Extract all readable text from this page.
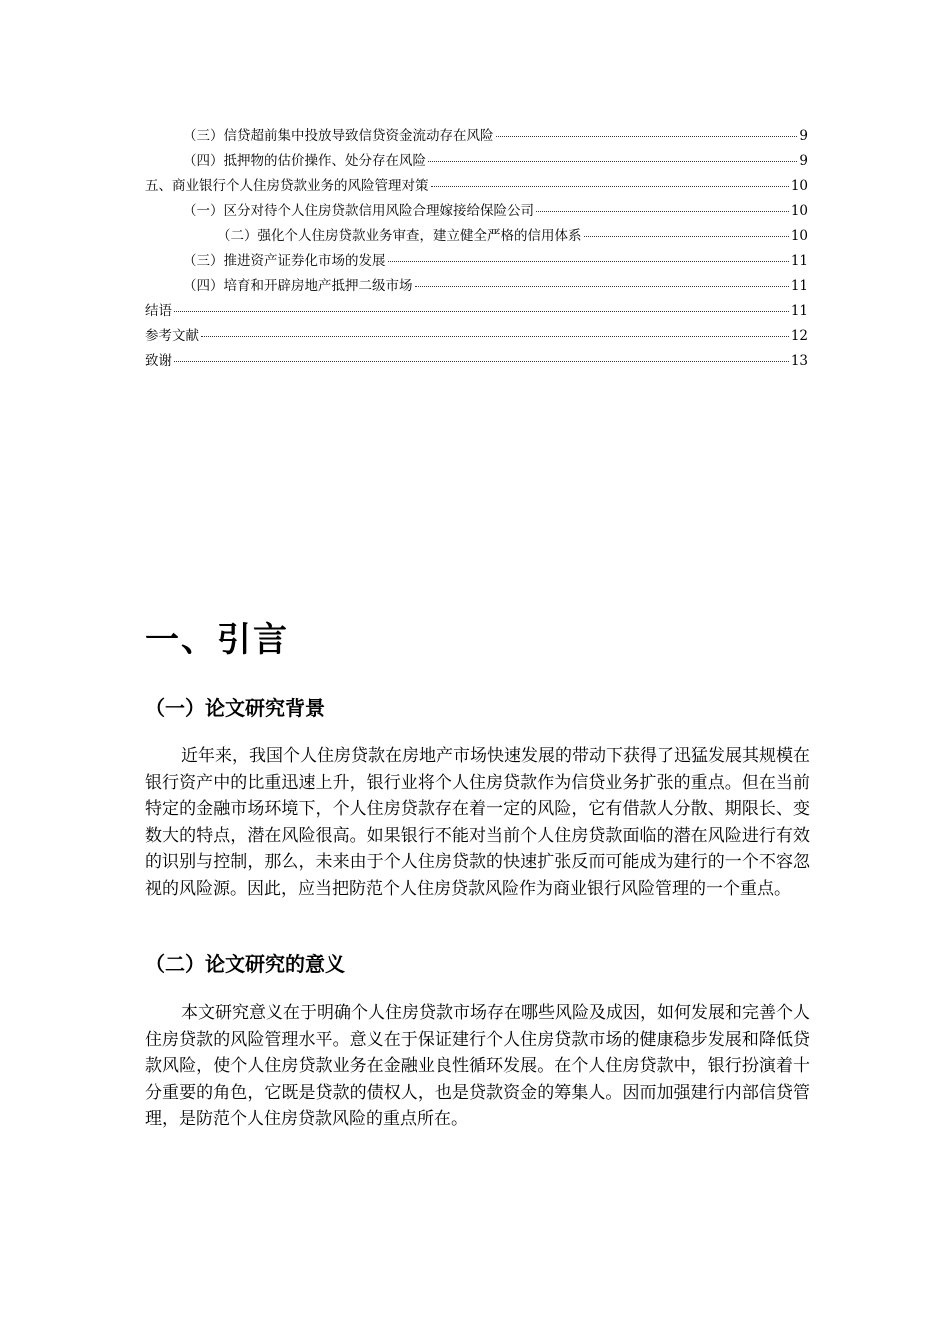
（三）信贷超前集中投放导致信贷资金流动存在风险	9
（四）抵押物的估价操作、处分存在风险	9
五、商业银行个人住房贷款业务的风险管理对策	10
（一）区分对待个人住房贷款信用风险合理嫁接给保险公司	10
（二）强化个人住房贷款业务审查，建立健全严格的信用体系	10
（三）推进资产证券化市场的发展	11
（四）培育和开辟房地产抵押二级市场	11
结语	11
参考文献	12
致谢	13
一、引言
（一）论文研究背景
近年来，我国个人住房贷款在房地产市场快速发展的带动下获得了迅猛发展其规模在银行资产中的比重迅速上升，银行业将个人住房贷款作为信贷业务扩张的重点。但在当前特定的金融市场环境下，个人住房贷款存在着一定的风险，它有借款人分散、期限长、变数大的特点，潜在风险很高。如果银行不能对当前个人住房贷款面临的潜在风险进行有效的识别与控制，那么，未来由于个人住房贷款的快速扩张反而可能成为建行的一个不容忽视的风险源。因此，应当把防范个人住房贷款风险作为商业银行风险管理的一个重点。
（二）论文研究的意义
本文研究意义在于明确个人住房贷款市场存在哪些风险及成因，如何发展和完善个人住房贷款的风险管理水平。意义在于保证建行个人住房贷款市场的健康稳步发展和降低贷款风险，使个人住房贷款业务在金融业良性循环发展。在个人住房贷款中，银行扮演着十分重要的角色，它既是贷款的债权人，也是贷款资金的筹集人。因而加强建行内部信贷管理，是防范个人住房贷款风险的重点所在。
